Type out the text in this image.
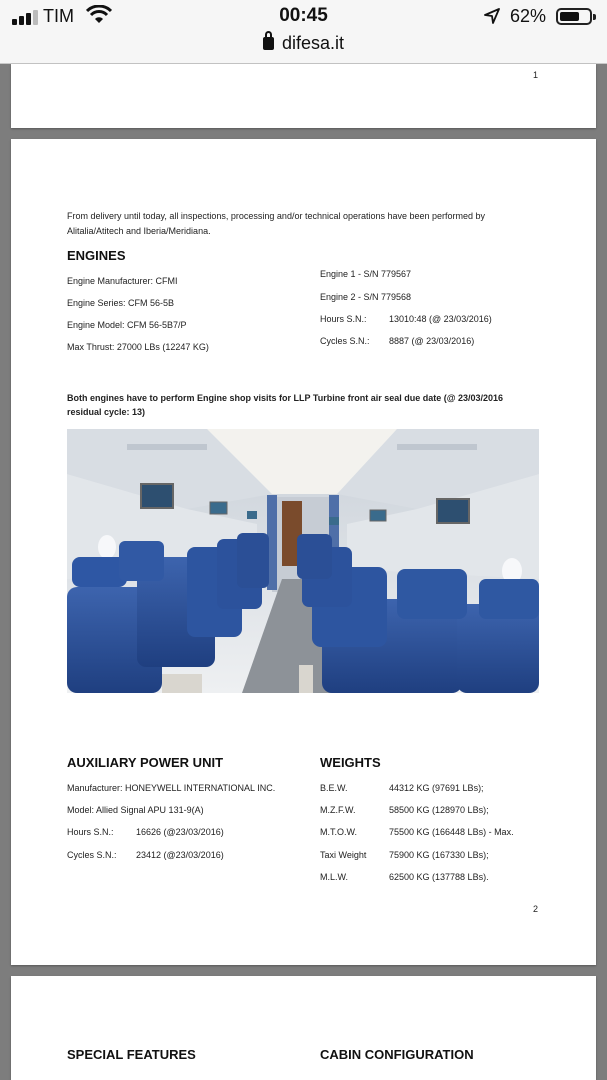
TIM	00:45	62%
difesa.it
1
From delivery until today, all inspections, processing and/or technical operations have been performed by
Alitalia/Atitech and Iberia/Meridiana.
ENGINES
Engine Manufacturer: CFMI
Engine Series: CFM 56-5B
Engine Model: CFM 56-5B7/P
Max Thrust: 27000 LBs (12247 KG)
Engine 1 - S/N 779567
Engine 2 - S/N 779568
Hours S.N.: 13010:48 (@ 23/03/2016)
Cycles S.N.: 8887 (@ 23/03/2016)
Both engines have to perform Engine shop visits for LLP Turbine front air seal due date (@ 23/03/2016
residual cycle: 13)
AUXILIARY POWER UNIT
Manufacturer: HONEYWELL INTERNATIONAL INC.
Model: Allied Signal APU 131-9(A)
Hours S.N.: 16626 (@23/03/2016)
Cycles S.N.: 23412 (@23/03/2016)
WEIGHTS
B.E.W.	44312 KG (97691 LBs);
M.Z.F.W.	58500 KG (128970 LBs);
M.T.O.W.	75500 KG (166448 LBs) - Max.
Taxi Weight	75900 KG (167330 LBs);
M.L.W.	62500 KG (137788 LBs).
2
SPECIAL FEATURES	CABIN CONFIGURATION
